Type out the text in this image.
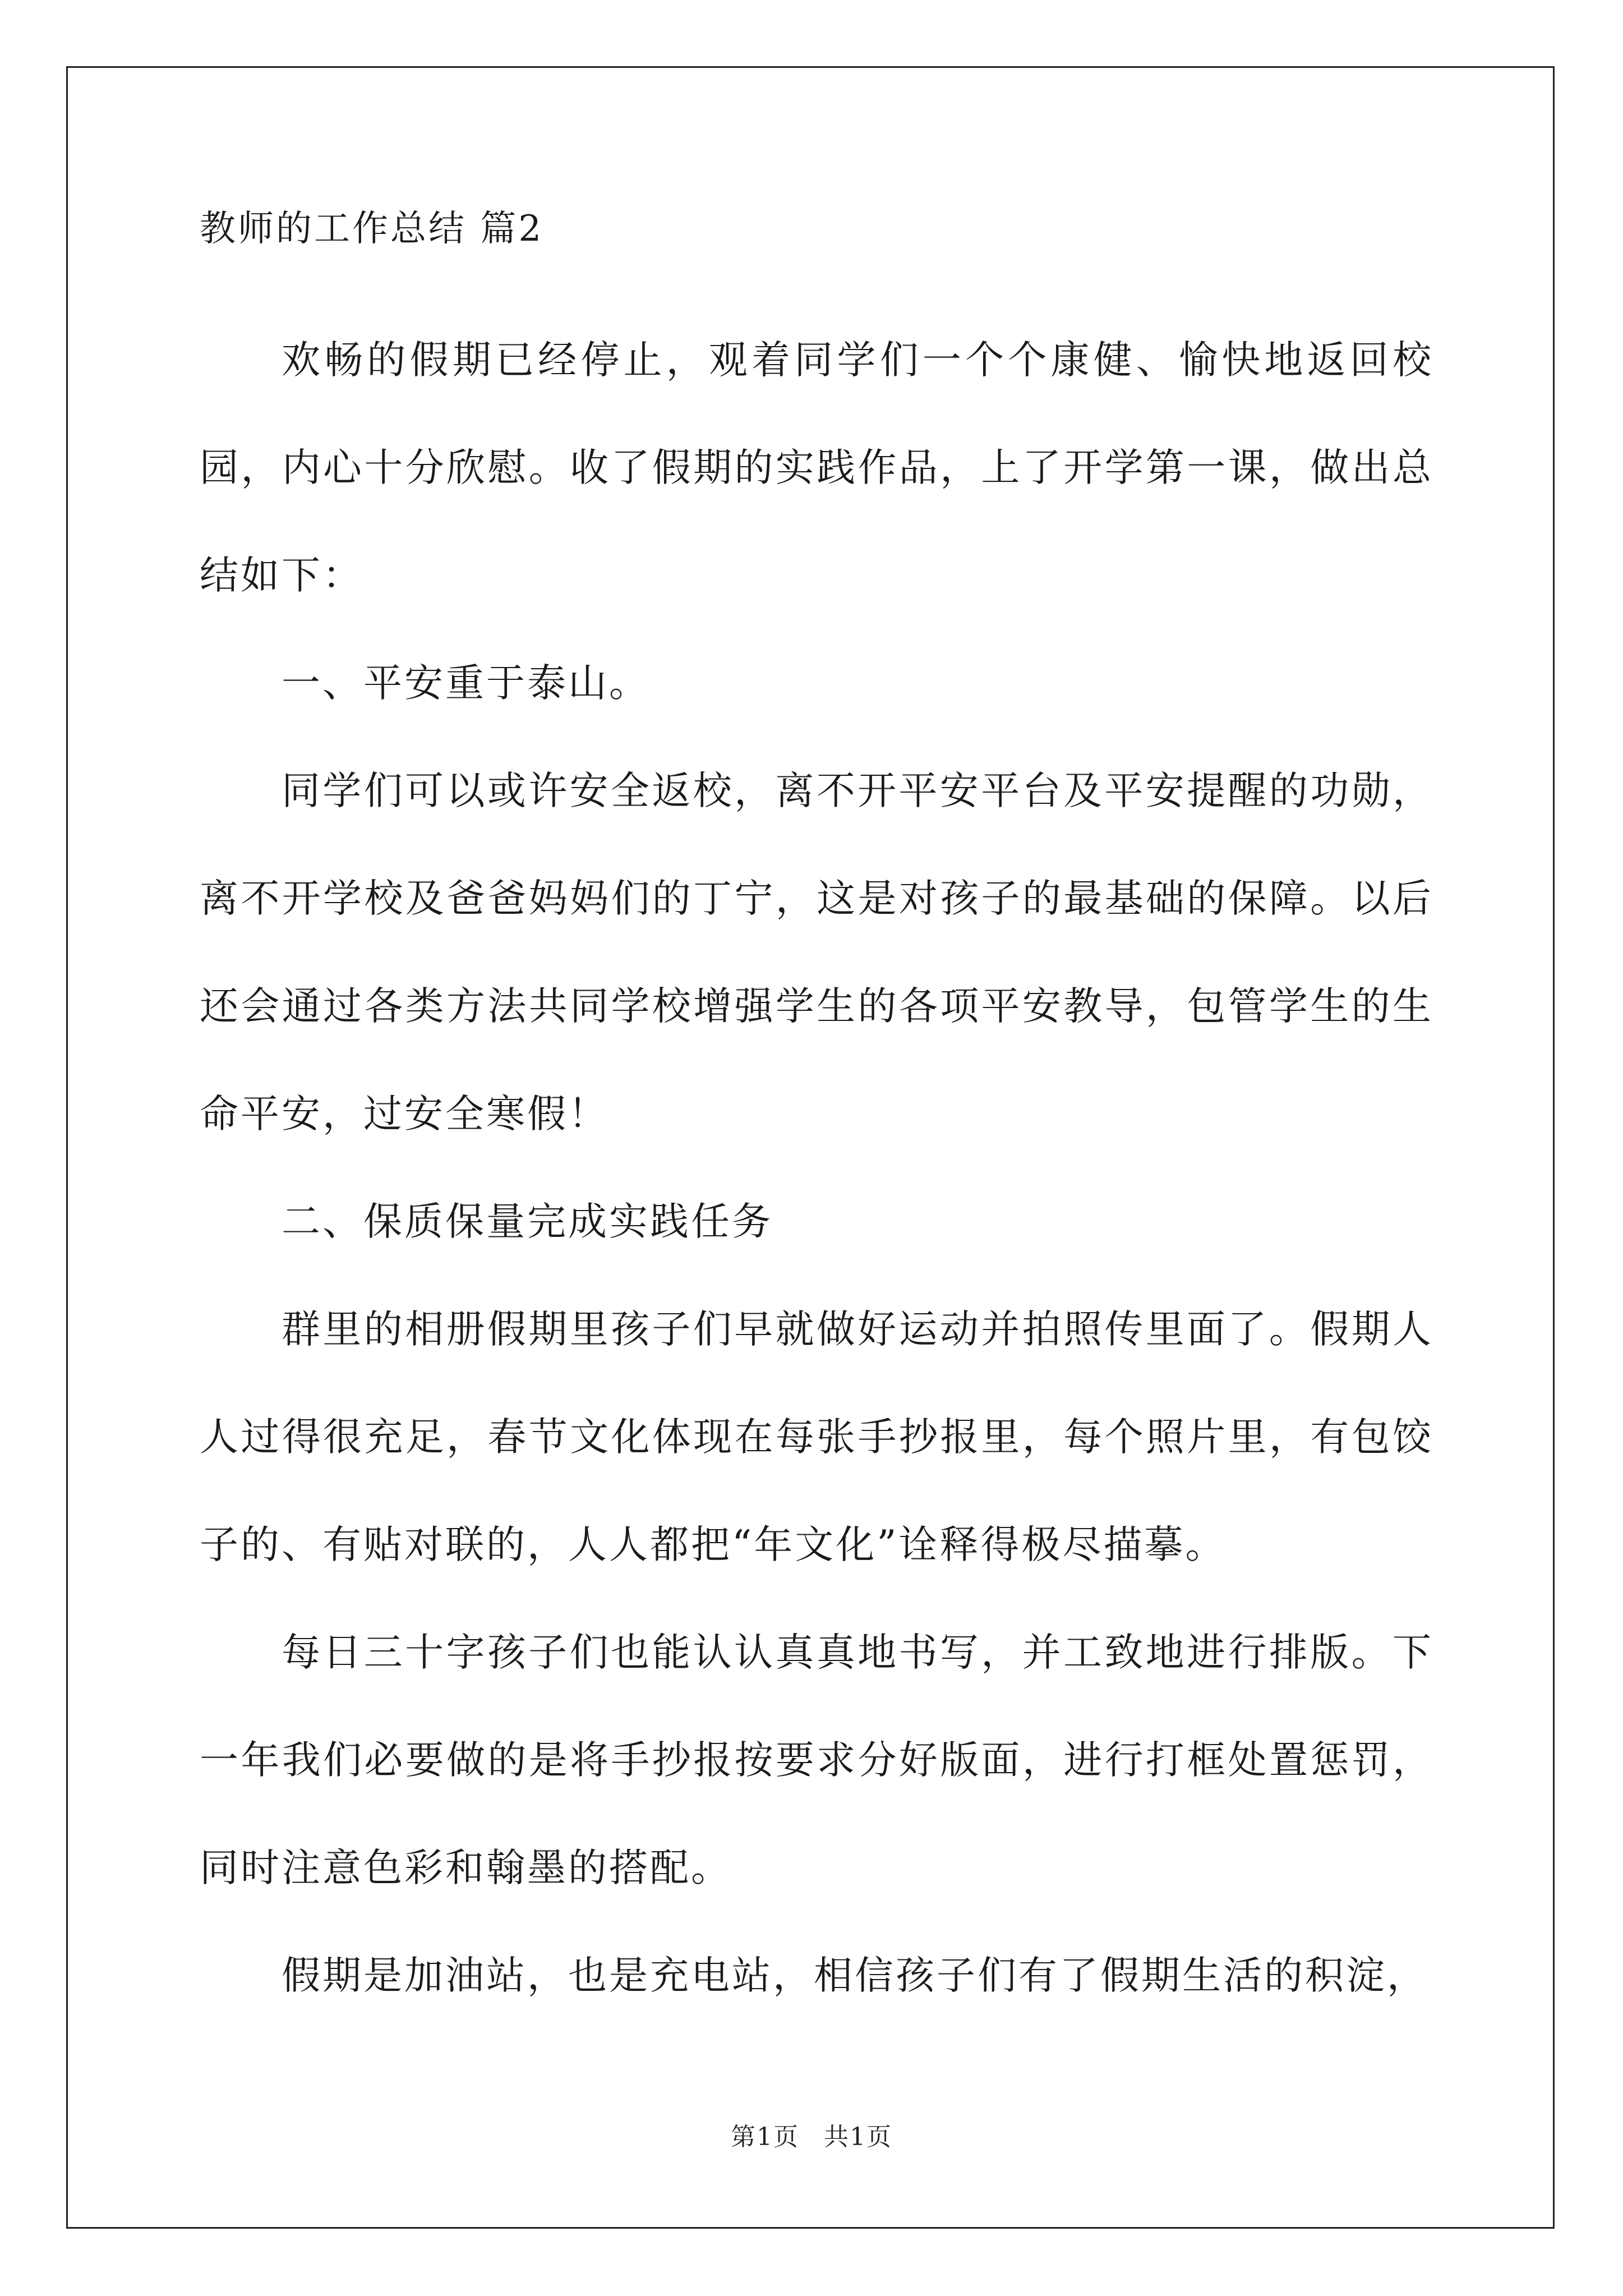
教师的工作总结 篇2

欢畅的假期已经停止，观着同学们一个个康健、愉快地返回校园，内心十分欣慰。收了假期的实践作品，上了开学第一课，做出总结如下：

一、平安重于泰山。

同学们可以或许安全返校，离不开平安平台及平安提醒的功勋，离不开学校及爸爸妈妈们的丁宁，这是对孩子的最基础的保障。以后还会通过各类方法共同学校增强学生的各项平安教导，包管学生的生命平安，过安全寒假！

二、保质保量完成实践任务

群里的相册假期里孩子们早就做好运动并拍照传里面了。假期人人过得很充足，春节文化体现在每张手抄报里，每个照片里，有包饺子的、有贴对联的，人人都把“年文化”诠释得极尽描摹。

每日三十字孩子们也能认认真真地书写，并工致地进行排版。下一年我们必要做的是将手抄报按要求分好版面，进行打框处置惩罚，同时注意色彩和翰墨的搭配。

假期是加油站，也是充电站，相信孩子们有了假期生活的积淀，

第1页 共1页
